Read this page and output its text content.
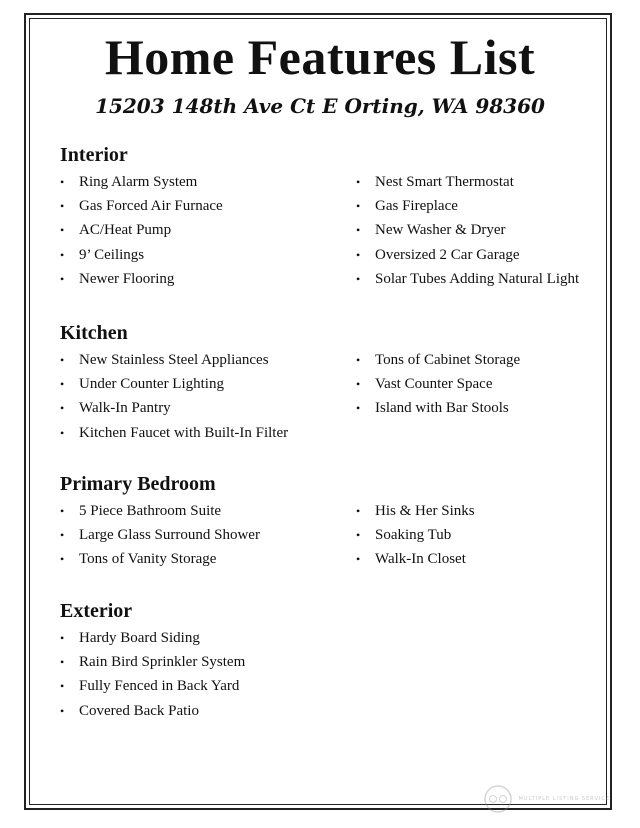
Home Features List

15203 148th Ave Ct E Orting, WA 98360

Interior
• Ring Alarm System
• Gas Forced Air Furnace
• AC/Heat Pump
• 9’ Ceilings
• Newer Flooring
• Nest Smart Thermostat
• Gas Fireplace
• New Washer & Dryer
• Oversized 2 Car Garage
• Solar Tubes Adding Natural Light
Kitchen
• New Stainless Steel Appliances
• Under Counter Lighting
• Walk-In Pantry
• Kitchen Faucet with Built-In Filter
• Tons of Cabinet Storage
• Vast Counter Space
• Island with Bar Stools
Primary Bedroom
• 5 Piece Bathroom Suite
• Large Glass Surround Shower
• Tons of Vanity Storage
• His & Her Sinks
• Soaking Tub
• Walk-In Closet
Exterior
• Hardy Board Siding
• Rain Bird Sprinkler System
• Fully Fenced in Back Yard
• Covered Back Patio
MULTIPLE LISTING SERVICE
